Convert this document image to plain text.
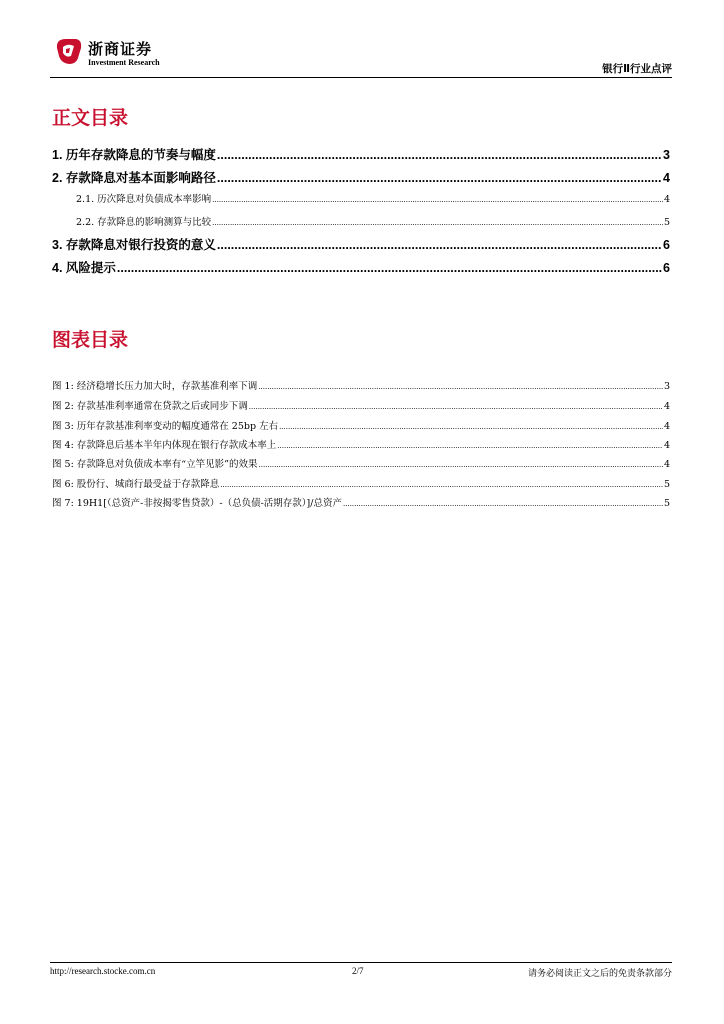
浙商证券
Investment Research
银行Ⅱ行业点评
正文目录
1. 历年存款降息的节奏与幅度 .....	3
2. 存款降息对基本面影响路径 .....	4
2.1. 历次降息对负债成本率影响 .....	4
2.2. 存款降息的影响测算与比较 .....	5
3. 存款降息对银行投资的意义 .....	6
4. 风险提示 .....	6
图表目录
图 1: 经济稳增长压力加大时，存款基准利率下调 .....	3
图 2: 存款基准利率通常在贷款之后或同步下调 .....	4
图 3: 历年存款基准利率变动的幅度通常在 25bp 左右 .....	4
图 4: 存款降息后基本半年内体现在银行存款成本率上 .....	4
图 5: 存款降息对负债成本率有“立竿见影”的效果 .....	4
图 6: 股份行、城商行最受益于存款降息 .....	5
图 7: 19H1[（总资产-非按揭零售贷款）-（总负债-活期存款）]/总资产 .....	5
http://research.stocke.com.cn	2/7	请务必阅读正文之后的免责条款部分
